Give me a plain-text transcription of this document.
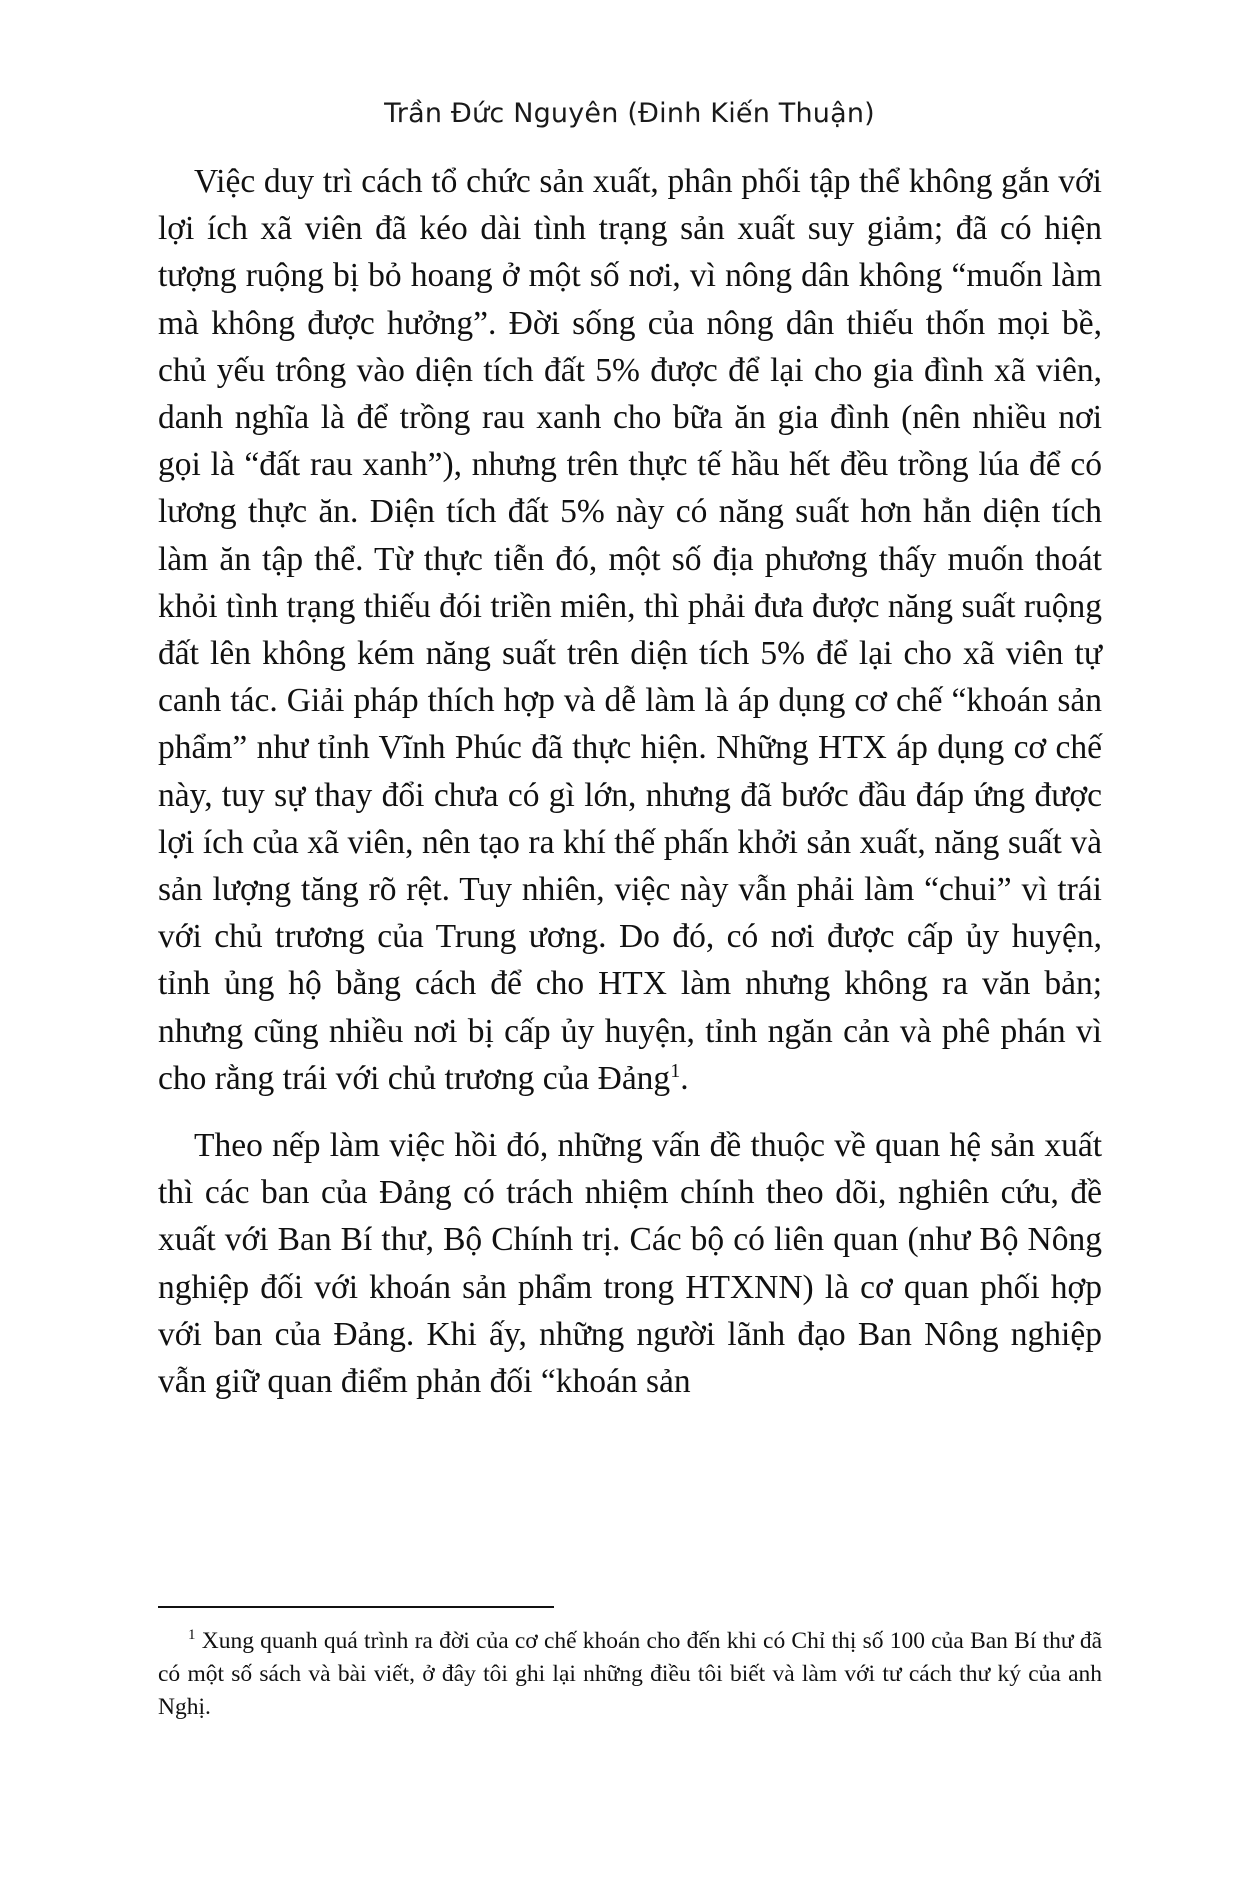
Trần Đức Nguyên (Đinh Kiến Thuận)

Việc duy trì cách tổ chức sản xuất, phân phối tập thể không gắn với lợi ích xã viên đã kéo dài tình trạng sản xuất suy giảm; đã có hiện tượng ruộng bị bỏ hoang ở một số nơi, vì nông dân không “muốn làm mà không được hưởng”. Đời sống của nông dân thiếu thốn mọi bề, chủ yếu trông vào diện tích đất 5% được để lại cho gia đình xã viên, danh nghĩa là để trồng rau xanh cho bữa ăn gia đình (nên nhiều nơi gọi là “đất rau xanh”), nhưng trên thực tế hầu hết đều trồng lúa để có lương thực ăn. Diện tích đất 5% này có năng suất hơn hẳn diện tích làm ăn tập thể. Từ thực tiễn đó, một số địa phương thấy muốn thoát khỏi tình trạng thiếu đói triền miên, thì phải đưa được năng suất ruộng đất lên không kém năng suất trên diện tích 5% để lại cho xã viên tự canh tác. Giải pháp thích hợp và dễ làm là áp dụng cơ chế “khoán sản phẩm” như tỉnh Vĩnh Phúc đã thực hiện. Những HTX áp dụng cơ chế này, tuy sự thay đổi chưa có gì lớn, nhưng đã bước đầu đáp ứng được lợi ích của xã viên, nên tạo ra khí thế phấn khởi sản xuất, năng suất và sản lượng tăng rõ rệt. Tuy nhiên, việc này vẫn phải làm “chui” vì trái với chủ trương của Trung ương. Do đó, có nơi được cấp ủy huyện, tỉnh ủng hộ bằng cách để cho HTX làm nhưng không ra văn bản; nhưng cũng nhiều nơi bị cấp ủy huyện, tỉnh ngăn cản và phê phán vì cho rằng trái với chủ trương của Đảng$^1$.

Theo nếp làm việc hồi đó, những vấn đề thuộc về quan hệ sản xuất thì các ban của Đảng có trách nhiệm chính theo dõi, nghiên cứu, đề xuất với Ban Bí thư, Bộ Chính trị. Các bộ có liên quan (như Bộ Nông nghiệp đối với khoán sản phẩm trong HTXNN) là cơ quan phối hợp với ban của Đảng. Khi ấy, những người lãnh đạo Ban Nông nghiệp vẫn giữ quan điểm phản đối “khoán sản

$^1$ Xung quanh quá trình ra đời của cơ chế khoán cho đến khi có Chỉ thị số 100 của Ban Bí thư đã có một số sách và bài viết, ở đây tôi ghi lại những điều tôi biết và làm với tư cách thư ký của anh Nghị.
